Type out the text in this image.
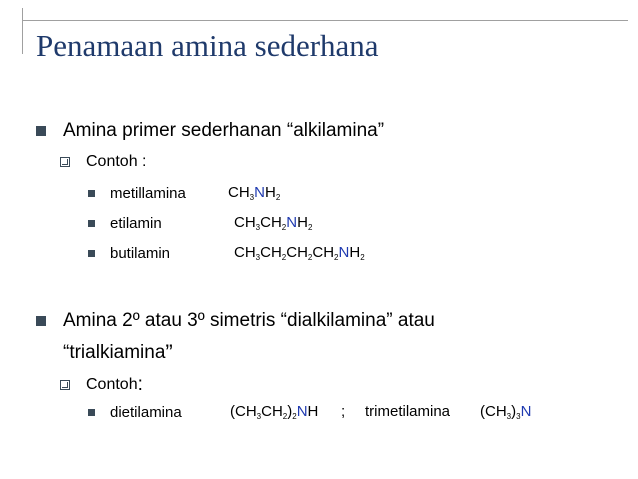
Penamaan amina sederhana
Amina primer sederhanan “alkilamina”
Contoh :
metillamina	$CH_3NH_2$
etilamin	$CH_3CH_2NH_2$
butilamin	$CH_3CH_2CH_2CH_2NH_2$
Amina 2º atau 3º simetris “dialkilamina” atau
“trialkiamina ”
Contoh :
dietilamina	$(CH_3CH_2)_2NH$ ; trimetilamina $(CH_3)_3N$
